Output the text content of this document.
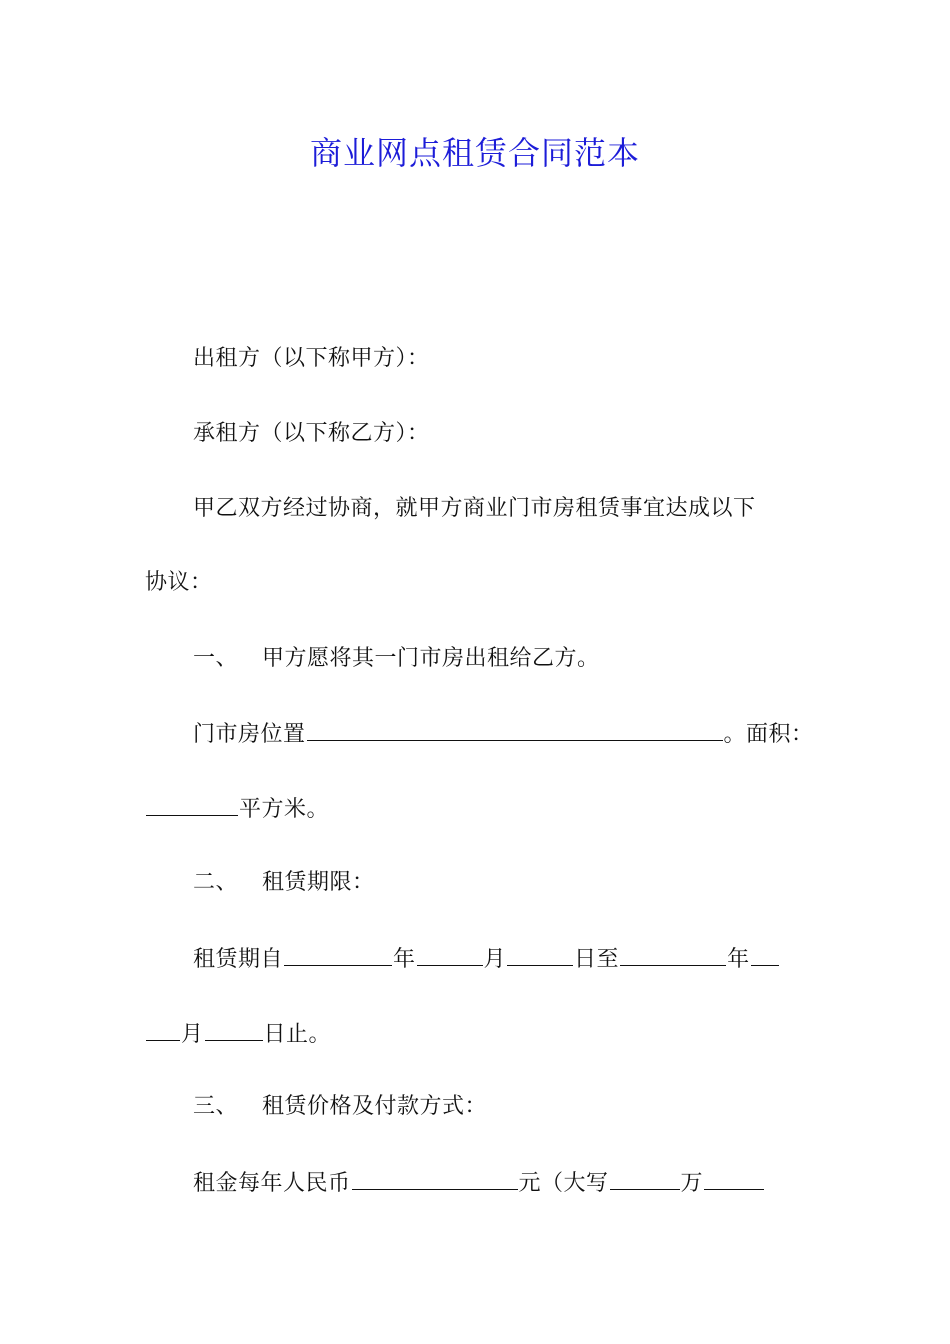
商业网点租赁合同范本
出租方（以下称甲方）：
承租方（以下称乙方）：
甲乙双方经过协商，就甲方商业门市房租赁事宜达成以下
协议：
一、 甲方愿将其一门市房出租给乙方。
门市房位置	。面积：
平方米。
二、 租赁期限：
租赁期自	年	月	日至	年
月	日止。
三、 租赁价格及付款方式：
租金每年人民币	元（大写	万
